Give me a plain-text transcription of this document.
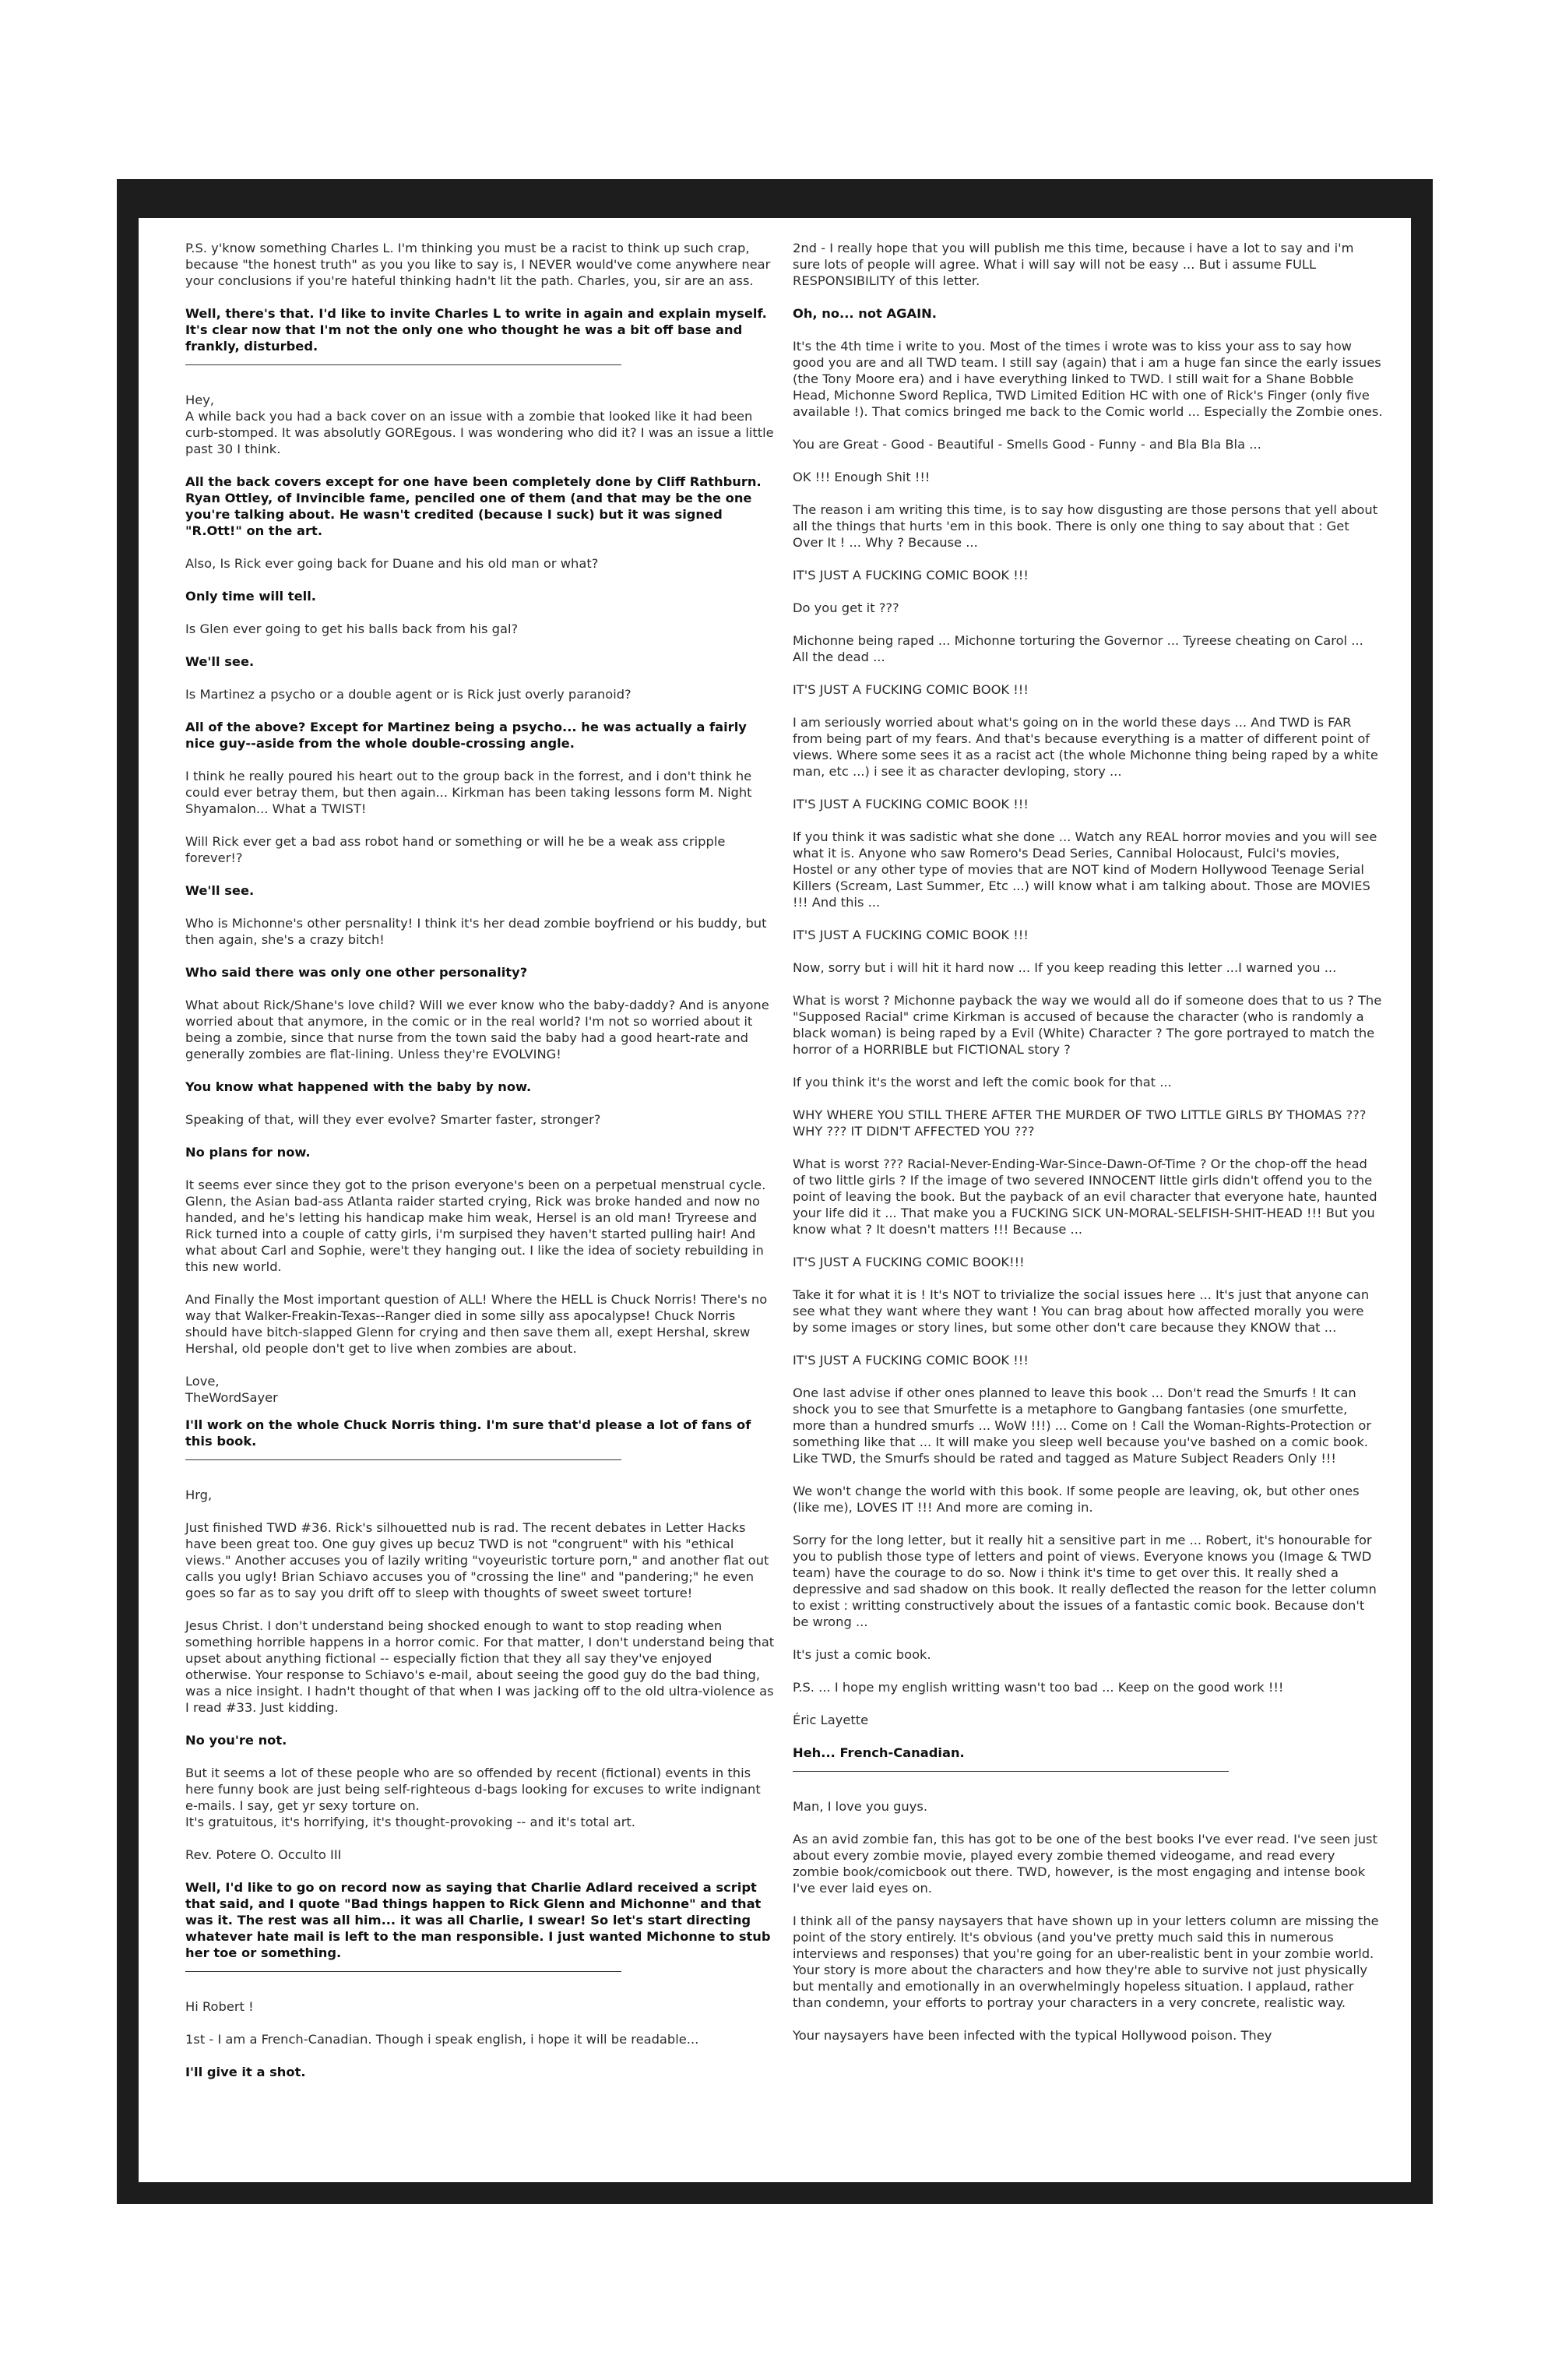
P.S. y'know something Charles L. I'm thinking you must be a racist to think up such crap, because "the honest truth" as you you like to say is, I NEVER would've come anywhere near your conclusions if you're hateful thinking hadn't lit the path. Charles, you, sir are an ass.

Well, there's that. I'd like to invite Charles L to write in again and explain myself. It's clear now that I'm not the only one who thought he was a bit off base and frankly, disturbed.

Hey,
A while back you had a back cover on an issue with a zombie that looked like it had been curb-stomped. It was absolutly GOREgous. I was wondering who did it? I was an issue a little past 30 I think.

All the back covers except for one have been completely done by Cliff Rathburn. Ryan Ottley, of Invincible fame, penciled one of them (and that may be the one you're talking about. He wasn't credited (because I suck) but it was signed "R.Ott!" on the art.

Also, Is Rick ever going back for Duane and his old man or what?

Only time will tell.

Is Glen ever going to get his balls back from his gal?

We'll see.

Is Martinez a psycho or a double agent or is Rick just overly paranoid?

All of the above? Except for Martinez being a psycho... he was actually a fairly nice guy--aside from the whole double-crossing angle.

I think he really poured his heart out to the group back in the forrest, and i don't think he could ever betray them, but then again... Kirkman has been taking lessons form M. Night Shyamalon... What a TWIST!

Will Rick ever get a bad ass robot hand or something or will he be a weak ass cripple forever!?

We'll see.

Who is Michonne's other persnality! I think it's her dead zombie boyfriend or his buddy, but then again, she's a crazy bitch!

Who said there was only one other personality?

What about Rick/Shane's love child? Will we ever know who the baby-daddy? And is anyone worried about that anymore, in the comic or in the real world? I'm not so worried about it being a zombie, since that nurse from the town said the baby had a good heart-rate and generally zombies are flat-lining. Unless they're EVOLVING!

You know what happened with the baby by now.

Speaking of that, will they ever evolve? Smarter faster, stronger?

No plans for now.

It seems ever since they got to the prison everyone's been on a perpetual menstrual cycle. Glenn, the Asian bad-ass Atlanta raider started crying, Rick was broke handed and now no handed, and he's letting his handicap make him weak, Hersel is an old man! Tryreese and Rick turned into a couple of catty girls, i'm surpised they haven't started pulling hair! And what about Carl and Sophie, were't they hanging out. I like the idea of society rebuilding in this new world.

And Finally the Most important question of ALL! Where the HELL is Chuck Norris! There's no way that Walker-Freakin-Texas--Ranger died in some silly ass apocalypse! Chuck Norris should have bitch-slapped Glenn for crying and then save them all, exept Hershal, skrew Hershal, old people don't get to live when zombies are about.

Love,
TheWordSayer

I'll work on the whole Chuck Norris thing. I'm sure that'd please a lot of fans of this book.

Hrg,

Just finished TWD #36. Rick's silhouetted nub is rad. The recent debates in Letter Hacks have been great too. One guy gives up becuz TWD is not "congruent" with his "ethical views." Another accuses you of lazily writing "voyeuristic torture porn," and another flat out calls you ugly! Brian Schiavo accuses you of "crossing the line" and "pandering;" he even goes so far as to say you drift off to sleep with thoughts of sweet sweet torture!

Jesus Christ. I don't understand being shocked enough to want to stop reading when something horrible happens in a horror comic. For that matter, I don't understand being that upset about anything fictional -- especially fiction that they all say they've enjoyed otherwise. Your response to Schiavo's e-mail, about seeing the good guy do the bad thing, was a nice insight. I hadn't thought of that when I was jacking off to the old ultra-violence as I read #33. Just kidding.

No you're not.

But it seems a lot of these people who are so offended by recent (fictional) events in this here funny book are just being self-righteous d-bags looking for excuses to write indignant e-mails. I say, get yr sexy torture on.
It's gratuitous, it's horrifying, it's thought-provoking -- and it's total art.

Rev. Potere O. Occulto III

Well, I'd like to go on record now as saying that Charlie Adlard received a script that said, and I quote "Bad things happen to Rick Glenn and Michonne" and that was it. The rest was all him... it was all Charlie, I swear! So let's start directing whatever hate mail is left to the man responsible. I just wanted Michonne to stub her toe or something.

Hi Robert !

1st - I am a French-Canadian. Though i speak english, i hope it will be readable...

I'll give it a shot.

2nd - I really hope that you will publish me this time, because i have a lot to say and i'm sure lots of people will agree. What i will say will not be easy ... But i assume FULL RESPONSIBILITY of this letter.

Oh, no... not AGAIN.

It's the 4th time i write to you. Most of the times i wrote was to kiss your ass to say how good you are and all TWD team. I still say (again) that i am a huge fan since the early issues (the Tony Moore era) and i have everything linked to TWD. I still wait for a Shane Bobble Head, Michonne Sword Replica, TWD Limited Edition HC with one of Rick's Finger (only five available !). That comics bringed me back to the Comic world ... Especially the Zombie ones.

You are Great - Good - Beautiful - Smells Good - Funny - and Bla Bla Bla ...

OK !!! Enough Shit !!!

The reason i am writing this time, is to say how disgusting are those persons that yell about all the things that hurts 'em in this book. There is only one thing to say about that : Get Over It ! ... Why ? Because ...

IT'S JUST A FUCKING COMIC BOOK !!!

Do you get it ???

Michonne being raped ... Michonne torturing the Governor ... Tyreese cheating on Carol ... All the dead ...

IT'S JUST A FUCKING COMIC BOOK !!!

I am seriously worried about what's going on in the world these days ... And TWD is FAR from being part of my fears. And that's because everything is a matter of different point of views. Where some sees it as a racist act (the whole Michonne thing being raped by a white man, etc ...) i see it as character devloping, story ...

IT'S JUST A FUCKING COMIC BOOK !!!

If you think it was sadistic what she done ... Watch any REAL horror movies and you will see what it is. Anyone who saw Romero's Dead Series, Cannibal Holocaust, Fulci's movies, Hostel or any other type of movies that are NOT kind of Modern Hollywood Teenage Serial Killers (Scream, Last Summer, Etc ...) will know what i am talking about. Those are MOVIES !!! And this ...

IT'S JUST A FUCKING COMIC BOOK !!!

Now, sorry but i will hit it hard now ... If you keep reading this letter ...I warned you ...

What is worst ? Michonne payback the way we would all do if someone does that to us ? The "Supposed Racial" crime Kirkman is accused of because the character (who is randomly a black woman) is being raped by a Evil (White) Character ? The gore portrayed to match the horror of a HORRIBLE but FICTIONAL story ?

If you think it's the worst and left the comic book for that ...

WHY WHERE YOU STILL THERE AFTER THE MURDER OF TWO LITTLE GIRLS BY THOMAS ??? WHY ??? IT DIDN'T AFFECTED YOU ???

What is worst ??? Racial-Never-Ending-War-Since-Dawn-Of-Time ? Or the chop-off the head of two little girls ? If the image of two severed INNOCENT little girls didn't offend you to the point of leaving the book. But the payback of an evil character that everyone hate, haunted your life did it ... That make you a FUCKING SICK UN-MORAL-SELFISH-SHIT-HEAD !!! But you know what ? It doesn't matters !!! Because ...

IT'S JUST A FUCKING COMIC BOOK!!!

Take it for what it is ! It's NOT to trivialize the social issues here ... It's just that anyone can see what they want where they want ! You can brag about how affected morally you were by some images or story lines, but some other don't care because they KNOW that ...

IT'S JUST A FUCKING COMIC BOOK !!!

One last advise if other ones planned to leave this book ... Don't read the Smurfs ! It can shock you to see that Smurfette is a metaphore to Gangbang fantasies (one smurfette, more than a hundred smurfs ... WoW !!!) ... Come on ! Call the Woman-Rights-Protection or something like that ... It will make you sleep well because you've bashed on a comic book. Like TWD, the Smurfs should be rated and tagged as Mature Subject Readers Only !!!

We won't change the world with this book. If some people are leaving, ok, but other ones (like me), LOVES IT !!! And more are coming in.

Sorry for the long letter, but it really hit a sensitive part in me ... Robert, it's honourable for you to publish those type of letters and point of views. Everyone knows you (Image & TWD team) have the courage to do so. Now i think it's time to get over this. It really shed a depressive and sad shadow on this book. It really deflected the reason for the letter column to exist : writting constructively about the issues of a fantastic comic book. Because don't be wrong ...

It's just a comic book.

P.S. ... I hope my english writting wasn't too bad ... Keep on the good work !!!

Éric Layette

Heh... French-Canadian.

Man, I love you guys.

As an avid zombie fan, this has got to be one of the best books I've ever read. I've seen just about every zombie movie, played every zombie themed videogame, and read every zombie book/comicbook out there. TWD, however, is the most engaging and intense book I've ever laid eyes on.

I think all of the pansy naysayers that have shown up in your letters column are missing the point of the story entirely. It's obvious (and you've pretty much said this in numerous interviews and responses) that you're going for an uber-realistic bent in your zombie world. Your story is more about the characters and how they're able to survive not just physically but mentally and emotionally in an overwhelmingly hopeless situation. I applaud, rather than condemn, your efforts to portray your characters in a very concrete, realistic way.

Your naysayers have been infected with the typical Hollywood poison. They
